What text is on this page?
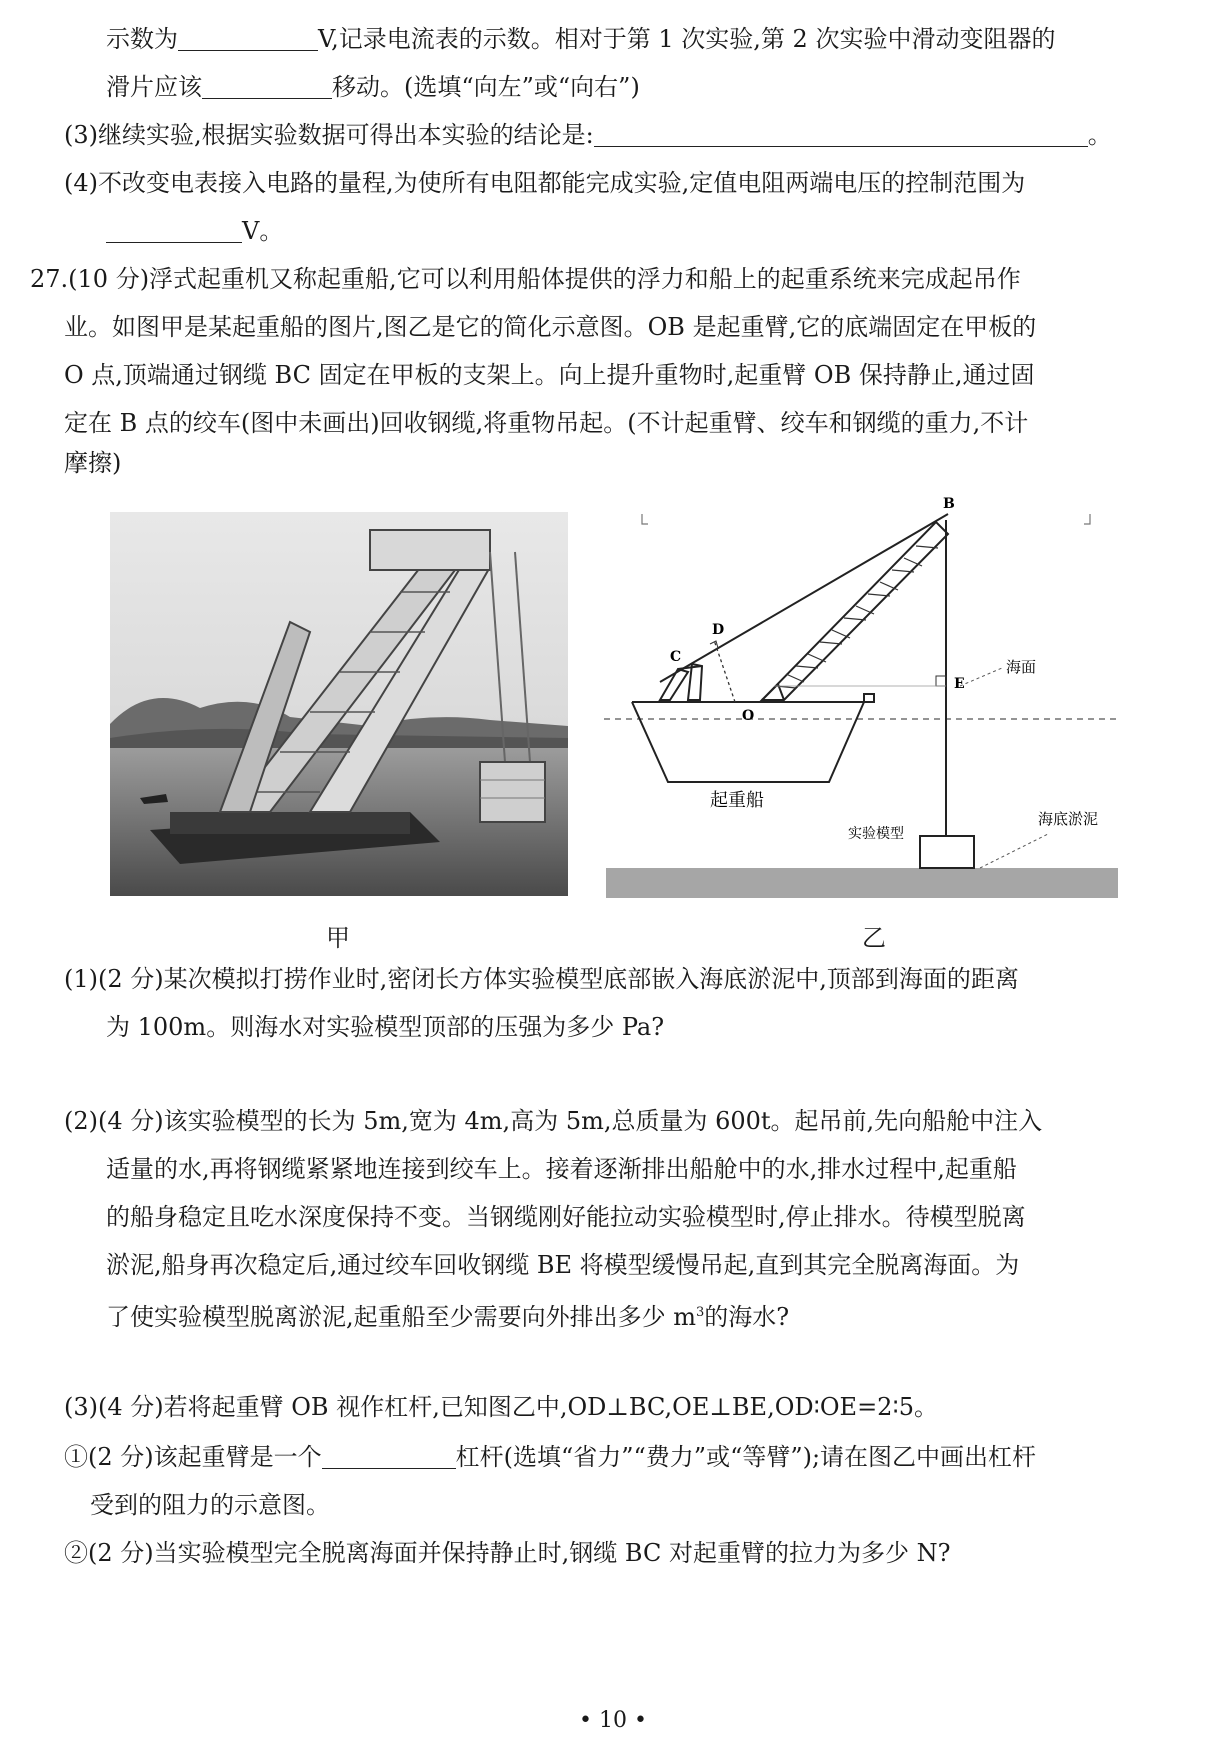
示数为	V,记录电流表的示数。相对于第 1 次实验,第 2 次实验中滑动变阻器的
滑片应该	移动。(选填“向左”或“向右”)
(3)继续实验,根据实验数据可得出本实验的结论是:	。
(4)不改变电表接入电路的量程,为使所有电阻都能完成实验,定值电阻两端电压的控制范围为
V。
27.(10 分)浮式起重机又称起重船,它可以利用船体提供的浮力和船上的起重系统来完成起吊作
业。如图甲是某起重船的图片,图乙是它的简化示意图。OB 是起重臂,它的底端固定在甲板的
O 点,顶端通过钢缆 BC 固定在甲板的支架上。向上提升重物时,起重臂 OB 保持静止,通过固
定在 B 点的绞车(图中未画出)回收钢缆,将重物吊起。(不计起重臂、绞车和钢缆的重力,不计
摩擦)
B
C
D
O
E
海面
起重船
实验模型
海底淤泥
甲	乙
(1)(2 分)某次模拟打捞作业时,密闭长方体实验模型底部嵌入海底淤泥中,顶部到海面的距离
为 100m。则海水对实验模型顶部的压强为多少 Pa?
(2)(4 分)该实验模型的长为 5m,宽为 4m,高为 5m,总质量为 600t。起吊前,先向船舱中注入
适量的水,再将钢缆紧紧地连接到绞车上。接着逐渐排出船舱中的水,排水过程中,起重船
的船身稳定且吃水深度保持不变。当钢缆刚好能拉动实验模型时,停止排水。待模型脱离
淤泥,船身再次稳定后,通过绞车回收钢缆 BE 将模型缓慢吊起,直到其完全脱离海面。为
了使实验模型脱离淤泥,起重船至少需要向外排出多少 $m^3$的海水?
(3)(4 分)若将起重臂 OB 视作杠杆,已知图乙中,OD⊥BC,OE⊥BE,OD∶OE=2∶5。
①(2 分)该起重臂是一个	杠杆(选填“省力”“费力”或“等臂”);请在图乙中画出杠杆
受到的阻力的示意图。
②(2 分)当实验模型完全脱离海面并保持静止时,钢缆 BC 对起重臂的拉力为多少 N?
• 10 •
